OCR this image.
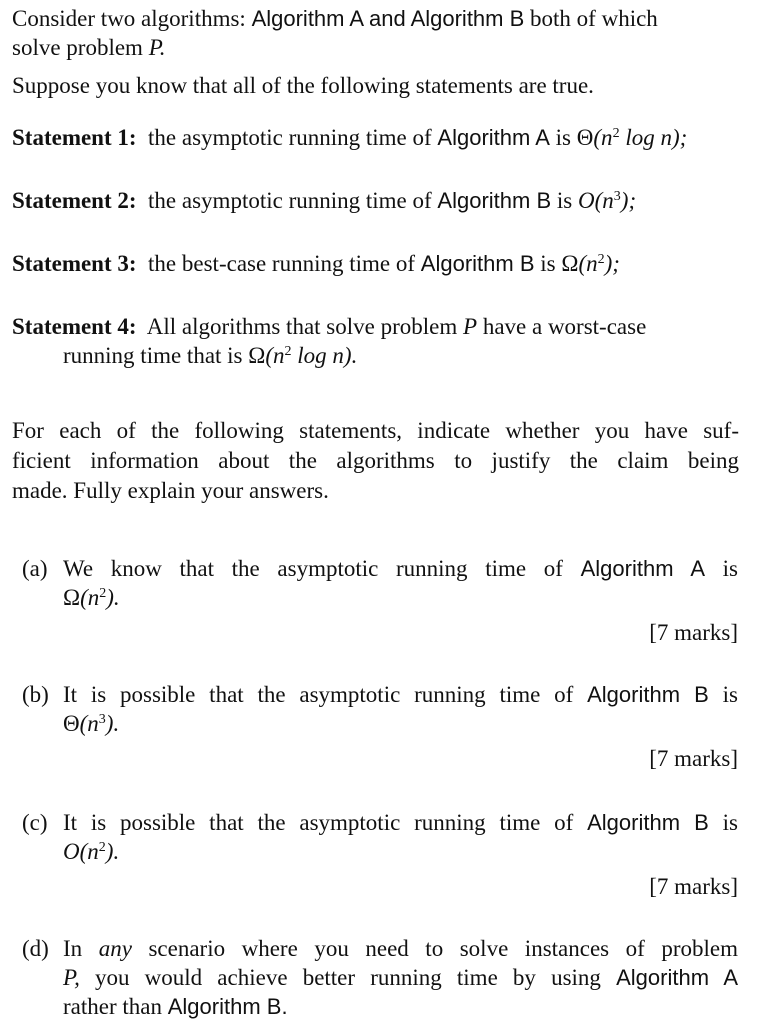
Consider two algorithms: Algorithm A and Algorithm B both of which
solve problem P.
Suppose you know that all of the following statements are true.
Statement 1: the asymptotic running time of Algorithm A is $\Theta(n^2$ log n);
Statement 2: the asymptotic running time of Algorithm B is $O(n^3)$;
Statement 3: the best-case running time of Algorithm B is $\Omega(n^2)$;
Statement 4: All algorithms that solve problem P have a worst-case
running time that is $\Omega(n^2$ log n).
For each of the following statements, indicate whether you have suf-
ficient information about the algorithms to justify the claim being
made. Fully explain your answers.
(a) We know that the asymptotic running time of Algorithm A is
$\Omega(n^2)$.
[7 marks]
(b) It is possible that the asymptotic running time of Algorithm B is
$\Theta(n^3)$.
[7 marks]
(c) It is possible that the asymptotic running time of Algorithm B is
$O(n^2)$.
[7 marks]
(d) In any scenario where you need to solve instances of problem
P, you would achieve better running time by using Algorithm A
rather than Algorithm B.
